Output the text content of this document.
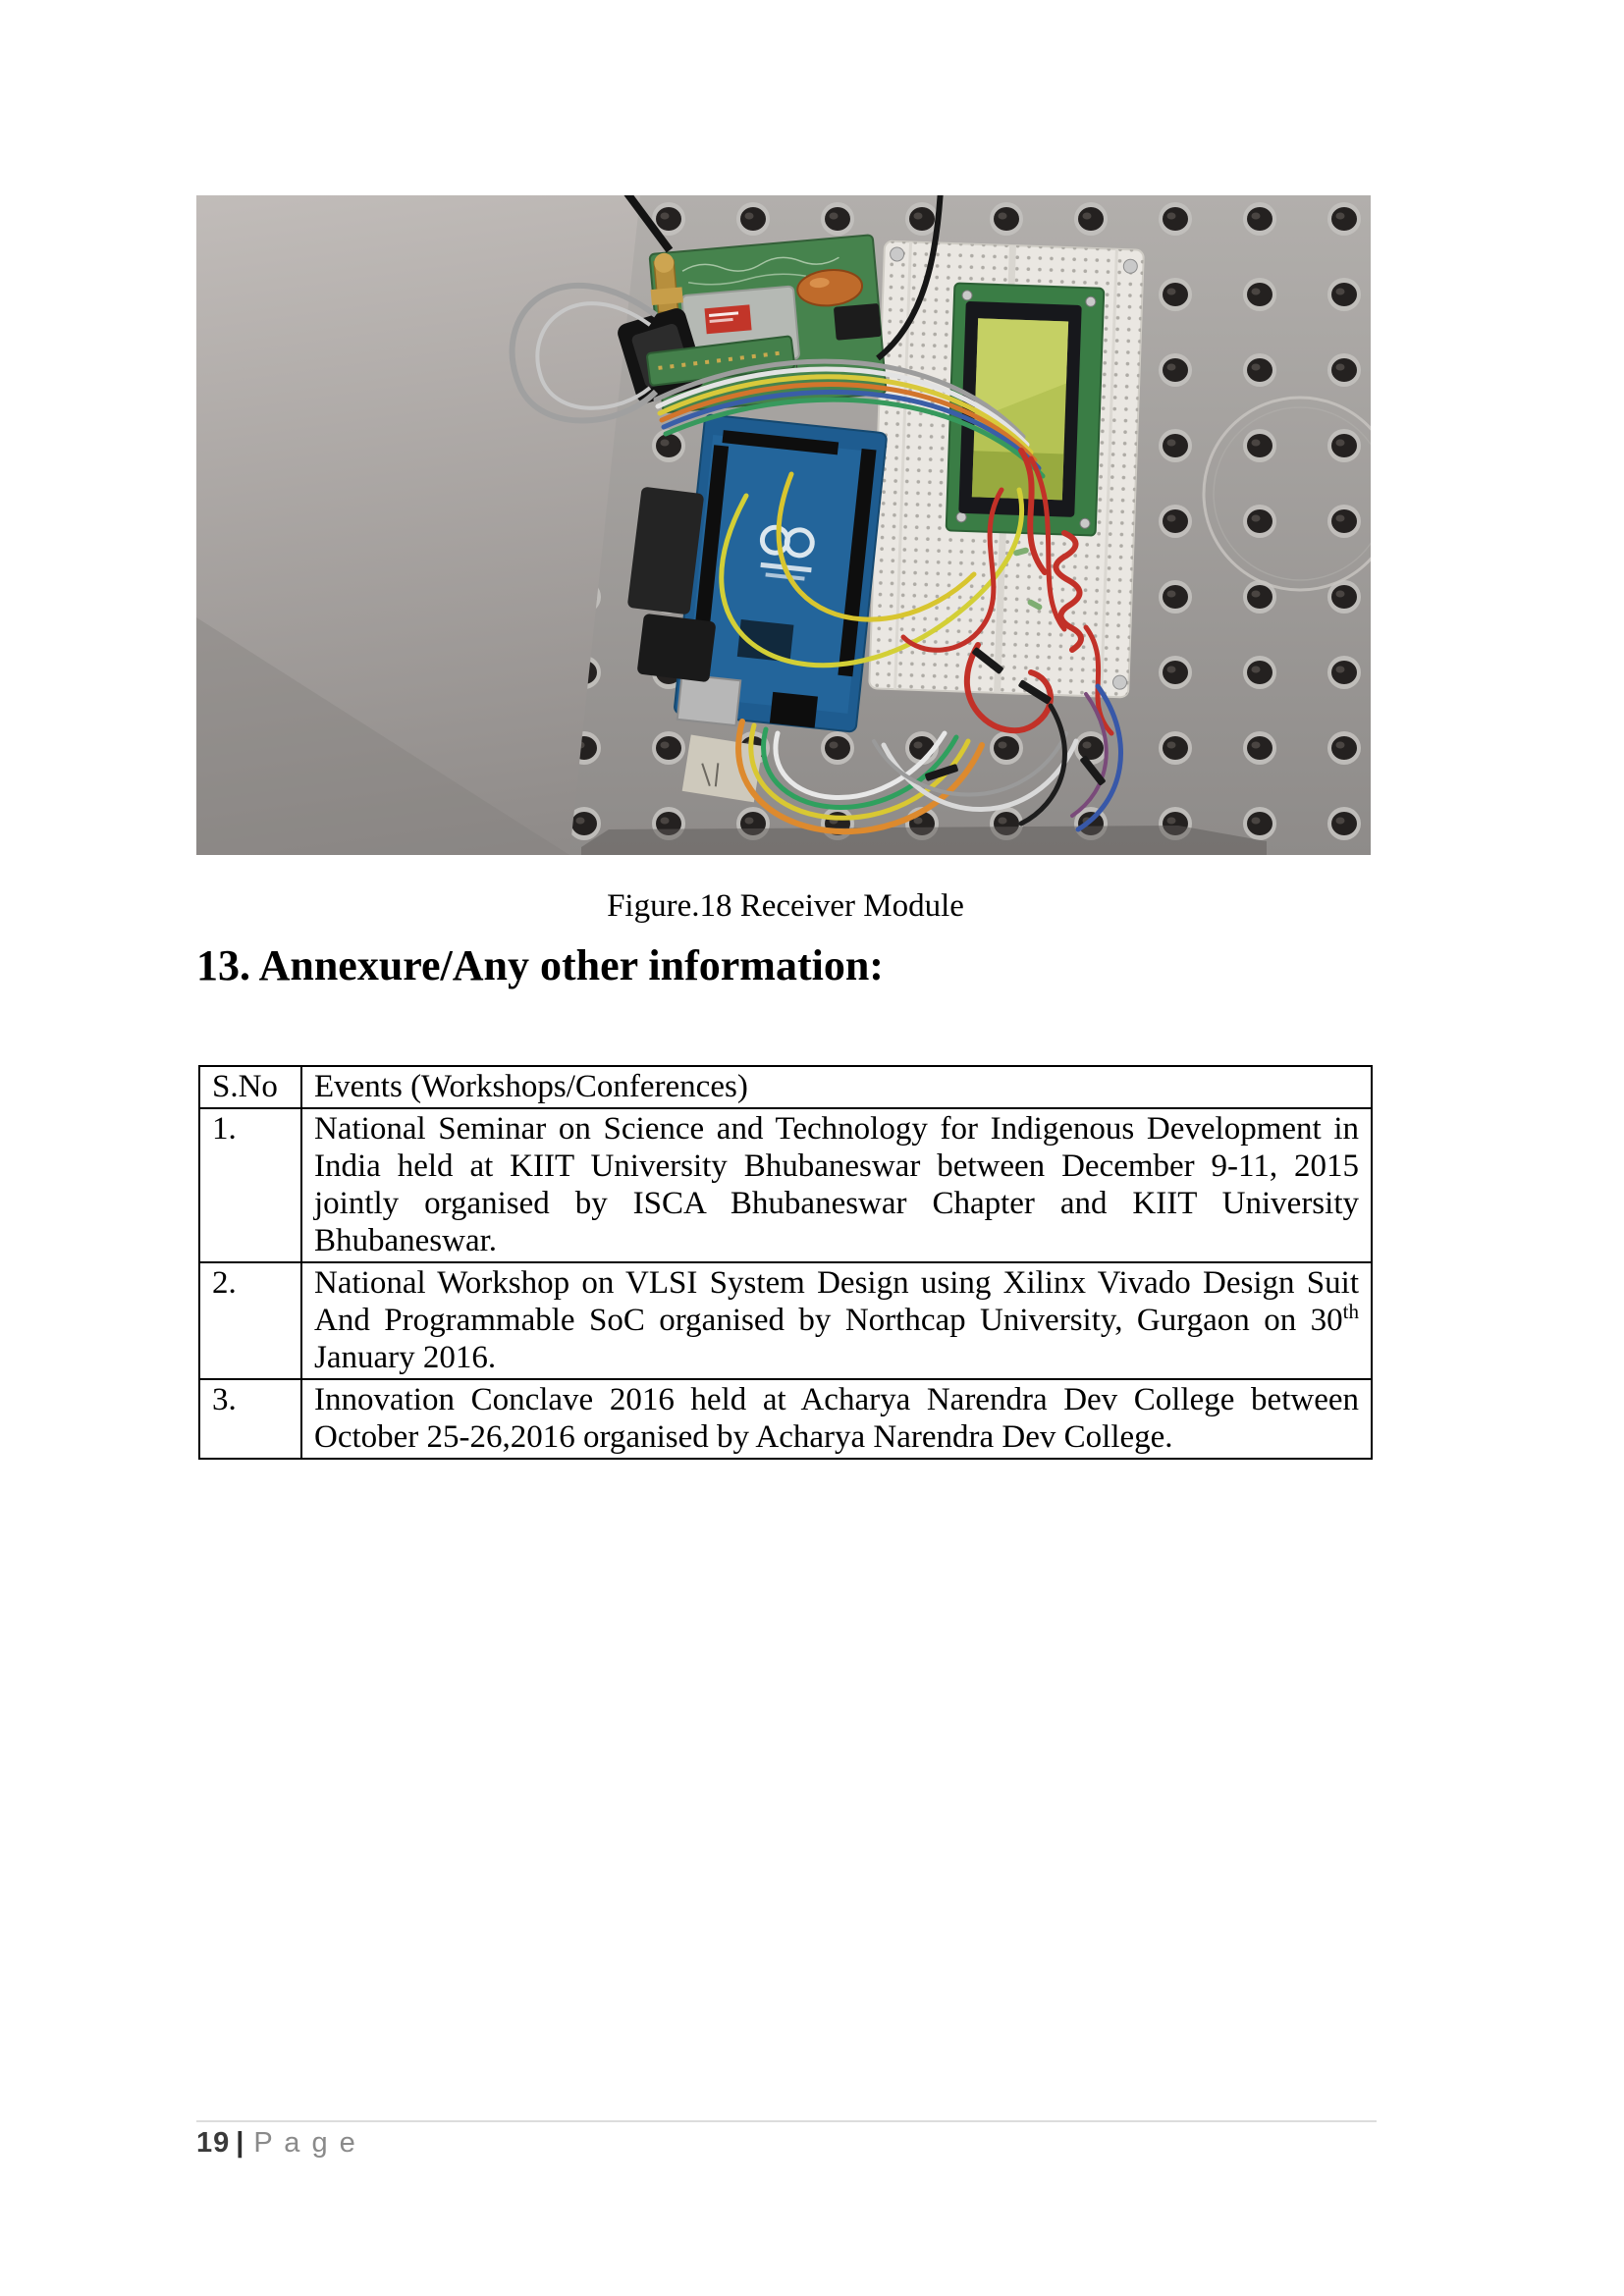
Figure.18 Receiver Module
13. Annexure/Any other information:
S.No	Events (Workshops/Conferences)
1.	National Seminar on Science and Technology for Indigenous Development in India held at KIIT University Bhubaneswar between December 9-11, 2015 jointly organised by ISCA Bhubaneswar Chapter and KIIT University Bhubaneswar.
2.	National Workshop on VLSI System Design using Xilinx Vivado Design Suit And Programmable SoC organised by Northcap University, Gurgaon on 30th January 2016.
3.	Innovation Conclave 2016 held at Acharya Narendra Dev College between October 25-26,2016 organised by Acharya Narendra Dev College.
19 | P a g e
